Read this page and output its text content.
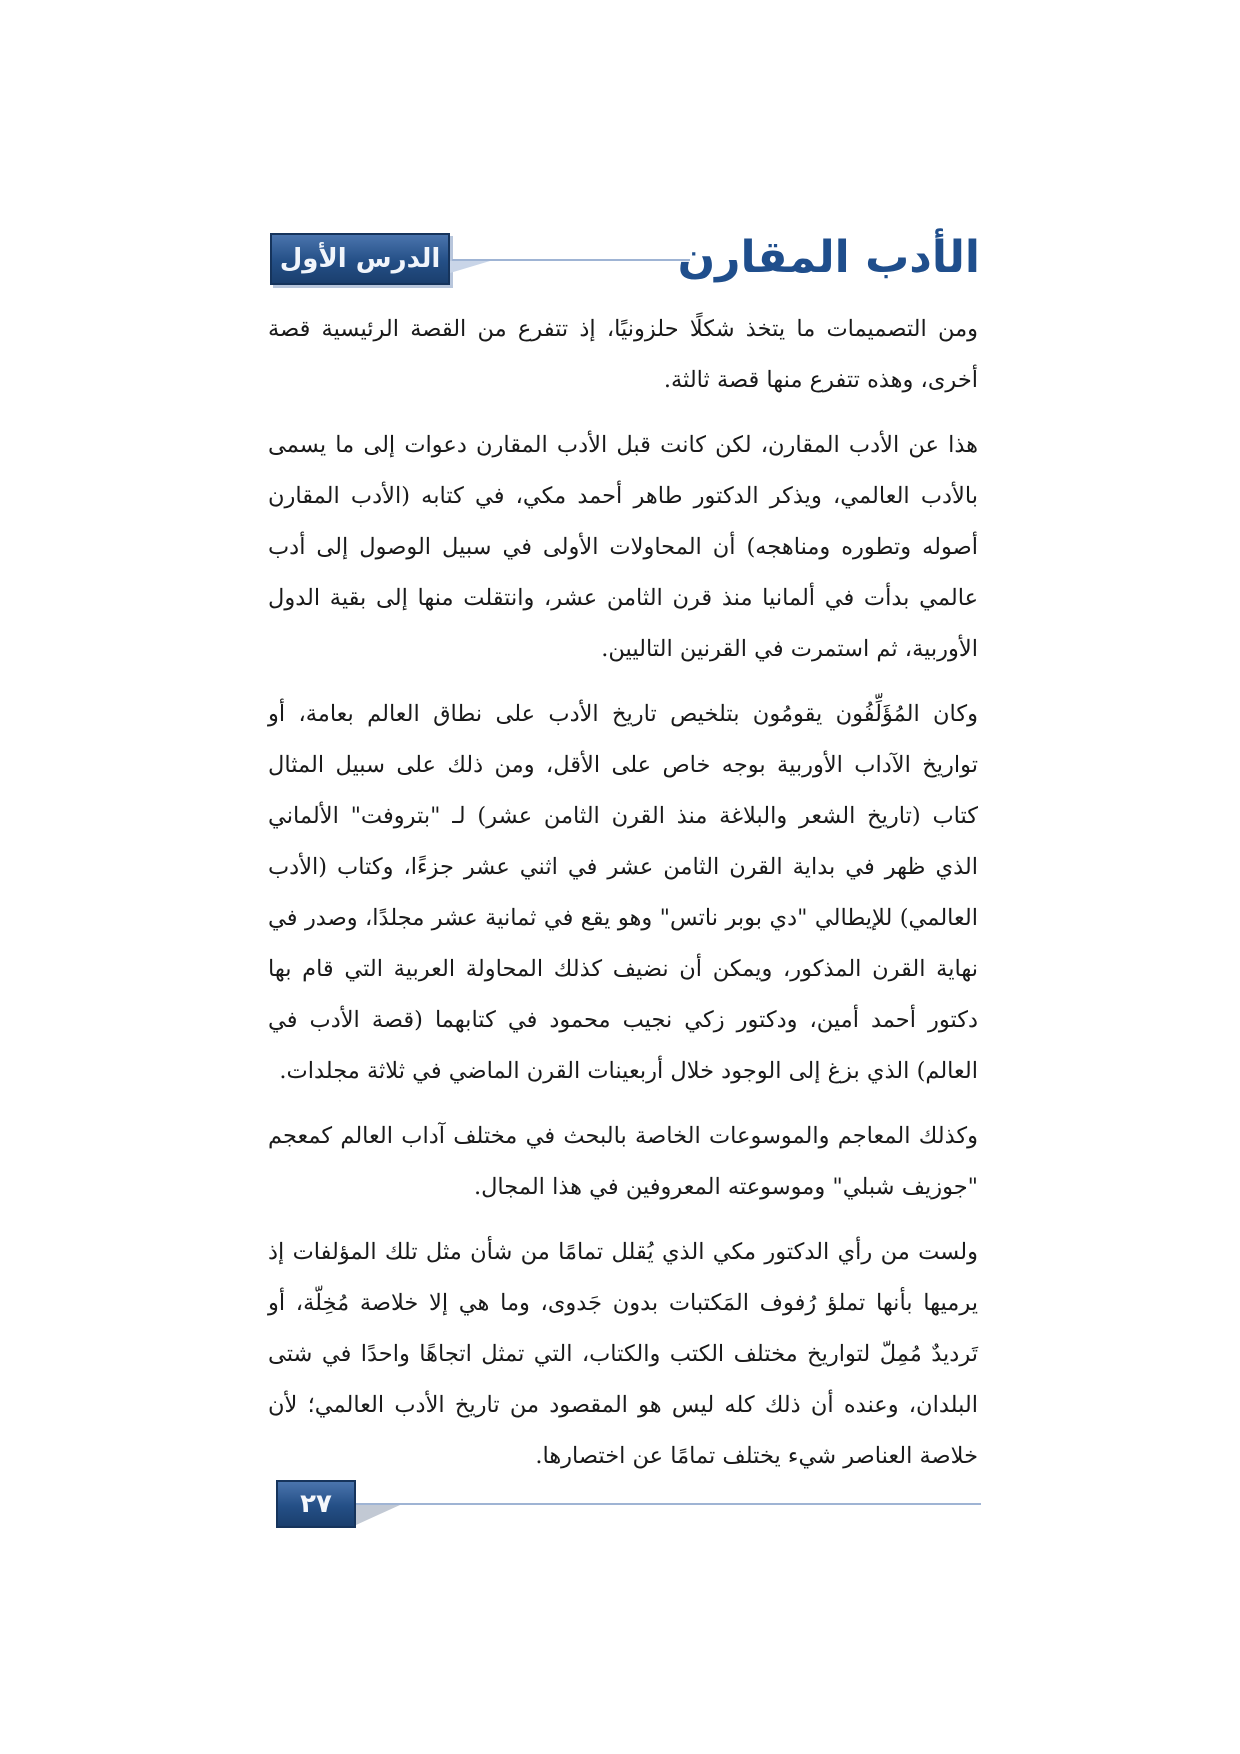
الدرس الأول	الأدب المقارن

ومن التصميمات ما يتخذ شكلًا حلزونيًا، إذ تتفرع من القصة الرئيسية قصة أخرى، وهذه تتفرع منها قصة ثالثة.

هذا عن الأدب المقارن، لكن كانت قبل الأدب المقارن دعوات إلى ما يسمى بالأدب العالمي، ويذكر الدكتور طاهر أحمد مكي، في كتابه (الأدب المقارن أصوله وتطوره ومناهجه) أن المحاولات الأولى في سبيل الوصول إلى أدب عالمي بدأت في ألمانيا منذ قرن الثامن عشر، وانتقلت منها إلى بقية الدول الأوربية، ثم استمرت في القرنين التاليين.

وكان المُؤَلِّفُون يقومُون بتلخيص تاريخ الأدب على نطاق العالم بعامة، أو تواريخ الآداب الأوربية بوجه خاص على الأقل، ومن ذلك على سبيل المثال كتاب (تاريخ الشعر والبلاغة منذ القرن الثامن عشر) لـ "بتروفت" الألماني الذي ظهر في بداية القرن الثامن عشر في اثني عشر جزءًا، وكتاب (الأدب العالمي) للإيطالي "دي بوبر ناتس" وهو يقع في ثمانية عشر مجلدًا، وصدر في نهاية القرن المذكور، ويمكن أن نضيف كذلك المحاولة العربية التي قام بها دكتور أحمد أمين، ودكتور زكي نجيب محمود في كتابهما (قصة الأدب في العالم) الذي بزغ إلى الوجود خلال أربعينات القرن الماضي في ثلاثة مجلدات.

وكذلك المعاجم والموسوعات الخاصة بالبحث في مختلف آداب العالم كمعجم "جوزيف شبلي" وموسوعته المعروفين في هذا المجال.

ولست من رأي الدكتور مكي الذي يُقلل تمامًا من شأن مثل تلك المؤلفات إذ يرميها بأنها تملؤ رُفوف المَكتبات بدون جَدوى، وما هي إلا خلاصة مُخِلّة، أو تَرديدٌ مُمِلّ لتواريخ مختلف الكتب والكتاب، التي تمثل اتجاهًا واحدًا في شتى البلدان، وعنده أن ذلك كله ليس هو المقصود من تاريخ الأدب العالمي؛ لأن خلاصة العناصر شيء يختلف تمامًا عن اختصارها.

٢٧
